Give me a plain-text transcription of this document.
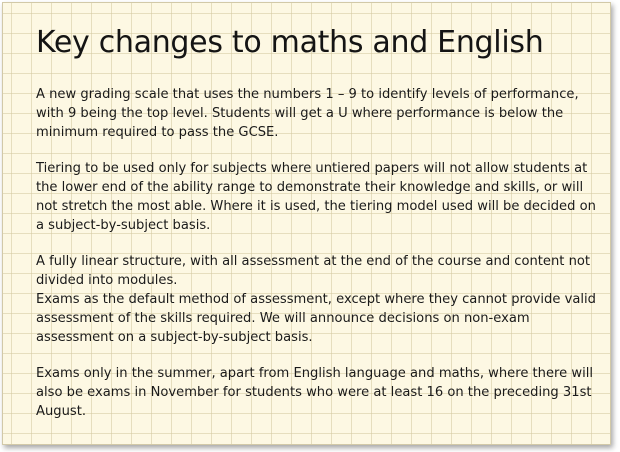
Key changes to maths and English

A new grading scale that uses the numbers 1 – 9 to identify levels of performance, with 9 being the top level. Students will get a U where performance is below the minimum required to pass the GCSE.

Tiering to be used only for subjects where untiered papers will not allow students at the lower end of the ability range to demonstrate their knowledge and skills, or will not stretch the most able. Where it is used, the tiering model used will be decided on a subject-by-subject basis.

A fully linear structure, with all assessment at the end of the course and content not divided into modules.

Exams as the default method of assessment, except where they cannot provide valid assessment of the skills required. We will announce decisions on non-exam assessment on a subject-by-subject basis.

Exams only in the summer, apart from English language and maths, where there will also be exams in November for students who were at least 16 on the preceding 31st August.
